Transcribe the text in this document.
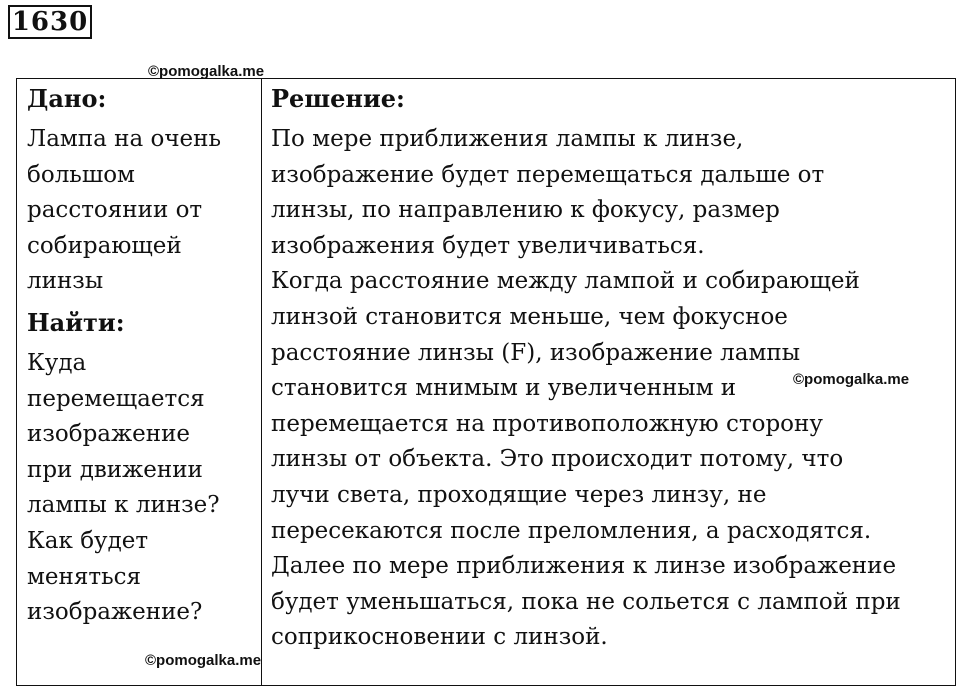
1630

Дано:

Лампа на очень

большом

расстоянии от

собирающей

линзы

Найти:

Куда

перемещается

изображение

при движении

лампы к линзе?

Как будет

меняться

изображение?

Решение:

По мере приближения лампы к линзе,

изображение будет перемещаться дальше от

линзы, по направлению к фокусу, размер

изображения будет увеличиваться.

Когда расстояние между лампой и собирающей

линзой становится меньше, чем фокусное

расстояние линзы (F), изображение лампы

становится мнимым и увеличенным и

перемещается на противоположную сторону

линзы от объекта. Это происходит потому, что

лучи света, проходящие через линзу, не

пересекаются после преломления, а расходятся.

Далее по мере приближения к линзе изображение

будет уменьшаться, пока не сольется с лампой при

соприкосновении с линзой.

©pomogalka.me
©pomogalka.me
©pomogalka.me
